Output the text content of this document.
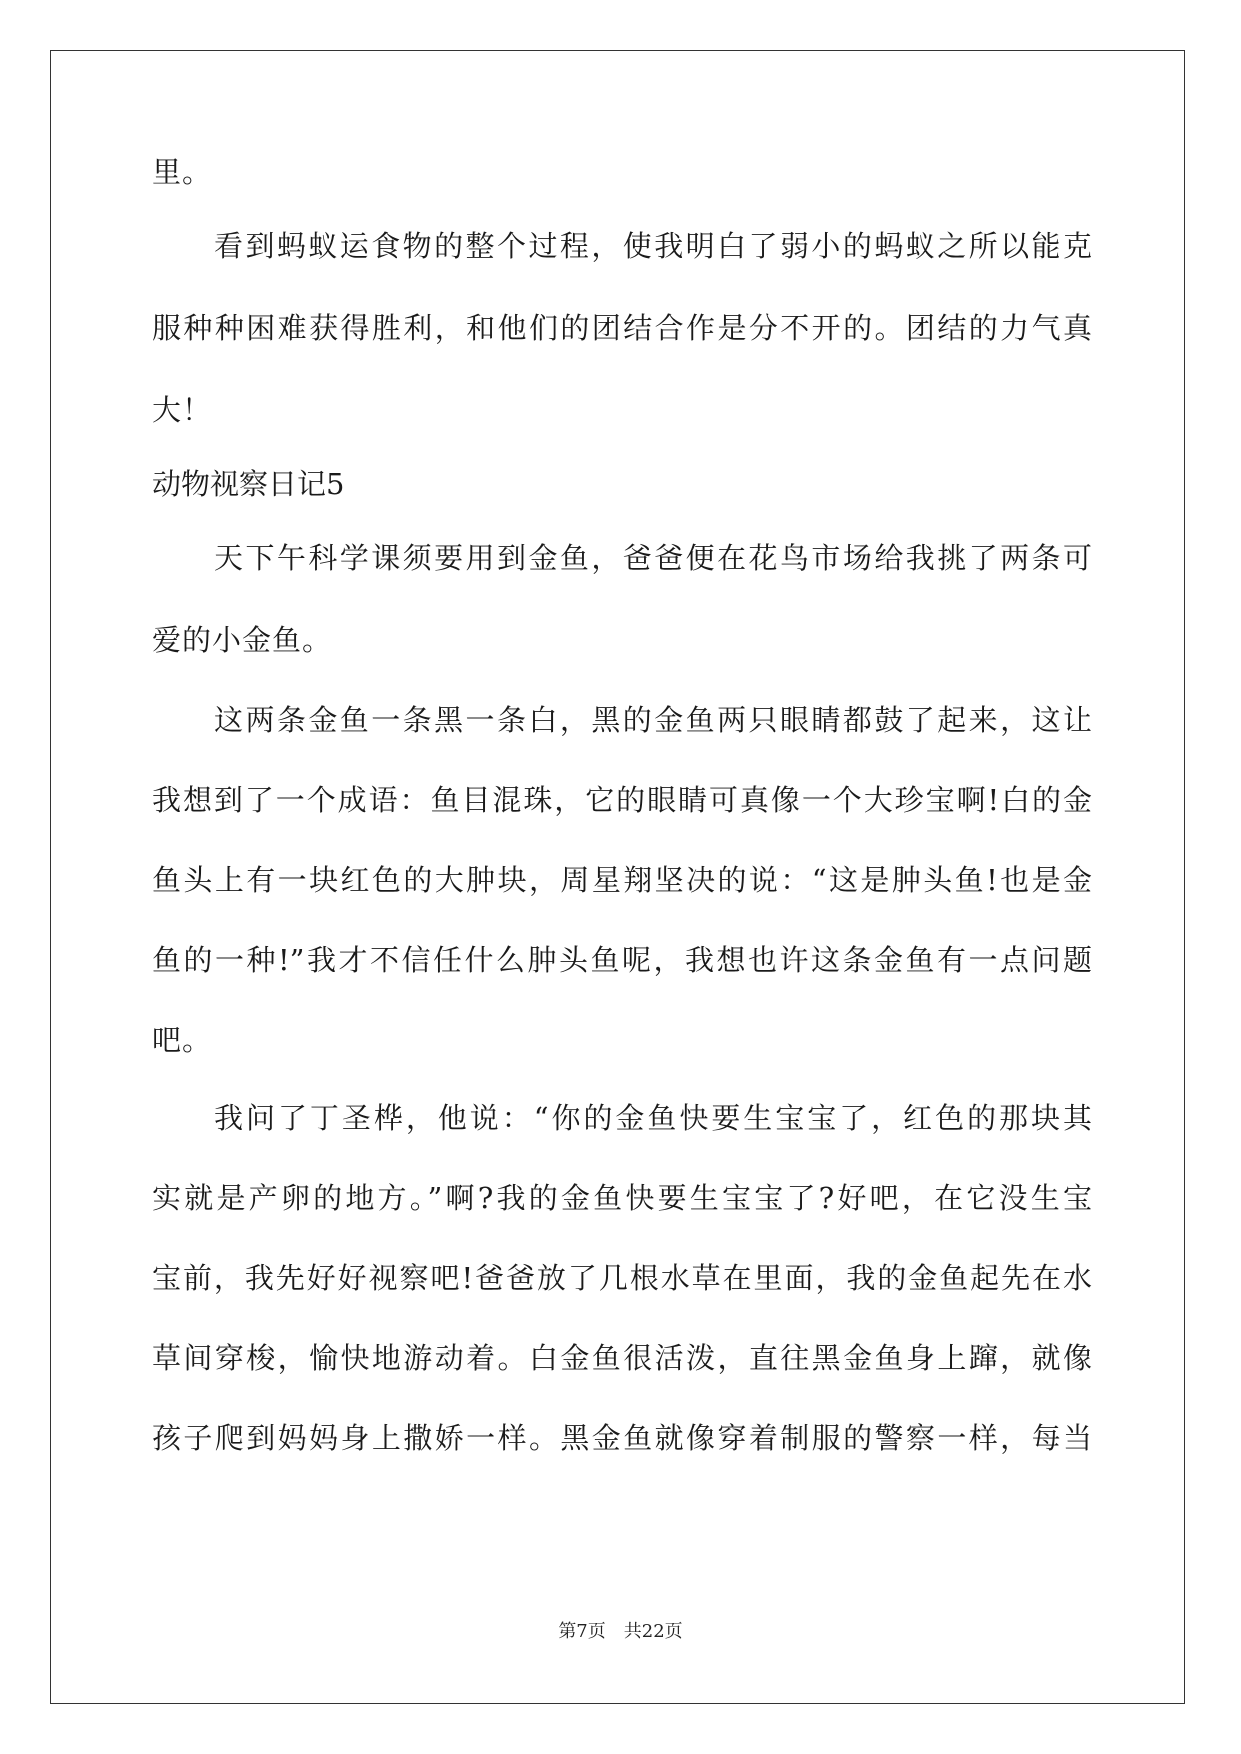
里。
看到蚂蚁运食物的整个过程，使我明白了弱小的蚂蚁之所以能克
服种种困难获得胜利，和他们的团结合作是分不开的。团结的力气真
大！
动物视察日记5
天下午科学课须要用到金鱼，爸爸便在花鸟市场给我挑了两条可
爱的小金鱼。
这两条金鱼一条黑一条白，黑的金鱼两只眼睛都鼓了起来，这让
我想到了一个成语：鱼目混珠，它的眼睛可真像一个大珍宝啊!白的金
鱼头上有一块红色的大肿块，周星翔坚决的说：“这是肿头鱼!也是金
鱼的一种!”我才不信任什么肿头鱼呢，我想也许这条金鱼有一点问题
吧。
我问了丁圣桦，他说：“你的金鱼快要生宝宝了，红色的那块其
实就是产卵的地方。”啊?我的金鱼快要生宝宝了?好吧，在它没生宝
宝前，我先好好视察吧!爸爸放了几根水草在里面，我的金鱼起先在水
草间穿梭，愉快地游动着。白金鱼很活泼，直往黑金鱼身上蹿，就像
孩子爬到妈妈身上撒娇一样。黑金鱼就像穿着制服的警察一样，每当
第7页　共22页
